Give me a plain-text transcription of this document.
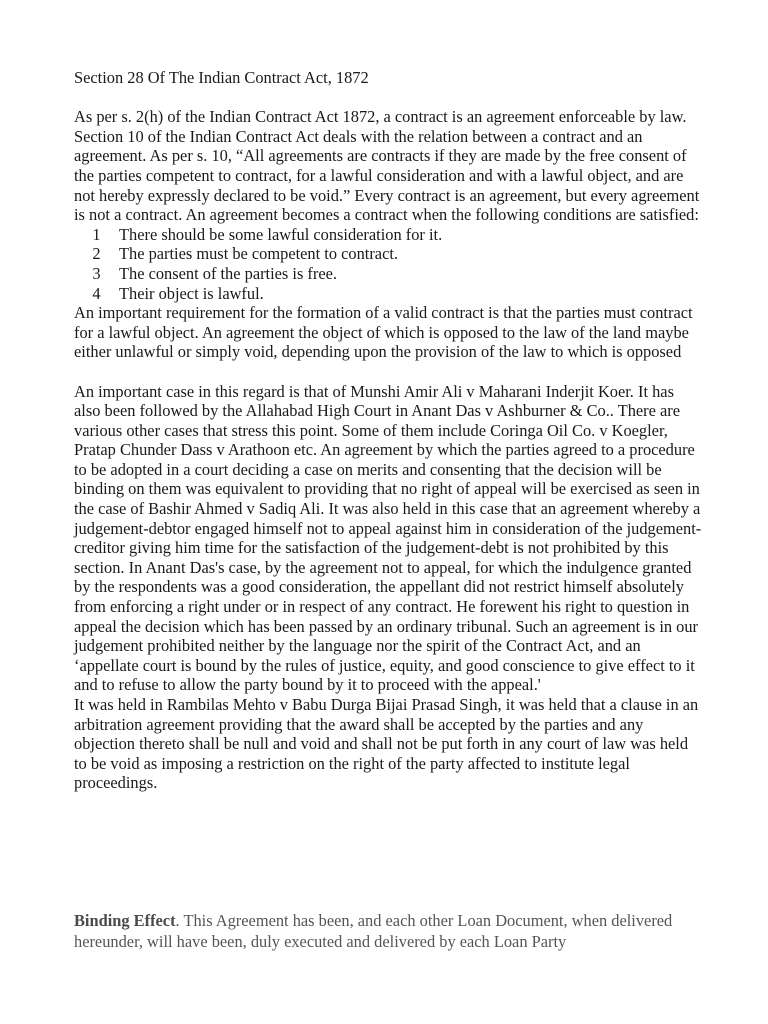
Section 28 Of The Indian Contract Act, 1872

As per s. 2(h) of the Indian Contract Act 1872, a contract is an agreement enforceable by law. Section 10 of the Indian Contract Act deals with the relation between a contract and an agreement. As per s. 10, “All agreements are contracts if they are made by the free consent of the parties competent to contract, for a lawful consideration and with a lawful object, and are not hereby expressly declared to be void.” Every contract is an agreement, but every agreement is not a contract. An agreement becomes a contract when the following conditions are satisfied:

1	There should be some lawful consideration for it.
2	The parties must be competent to contract.
3	The consent of the parties is free.
4	Their object is lawful.

An important requirement for the formation of a valid contract is that the parties must contract for a lawful object. An agreement the object of which is opposed to the law of the land maybe either unlawful or simply void, depending upon the provision of the law to which is opposed

An important case in this regard is that of Munshi Amir Ali v Maharani Inderjit Koer. It has also been followed by the Allahabad High Court in Anant Das v Ashburner & Co.. There are various other cases that stress this point. Some of them include Coringa Oil Co. v Koegler, Pratap Chunder Dass v Arathoon etc. An agreement by which the parties agreed to a procedure to be adopted in a court deciding a case on merits and consenting that the decision will be binding on them was equivalent to providing that no right of appeal will be exercised as seen in the case of Bashir Ahmed v Sadiq Ali. It was also held in this case that an agreement whereby a judgement-debtor engaged himself not to appeal against him in consideration of the judgement-creditor giving him time for the satisfaction of the judgement-debt is not prohibited by this section. In Anant Das's case, by the agreement not to appeal, for which the indulgence granted by the respondents was a good consideration, the appellant did not restrict himself absolutely from enforcing a right under or in respect of any contract. He forewent his right to question in appeal the decision which has been passed by an ordinary tribunal. Such an agreement is in our judgement prohibited neither by the language nor the spirit of the Contract Act, and an ‘appellate court is bound by the rules of justice, equity, and good conscience to give effect to it and to refuse to allow the party bound by it to proceed with the appeal.'

It was held in Rambilas Mehto v Babu Durga Bijai Prasad Singh, it was held that a clause in an arbitration agreement providing that the award shall be accepted by the parties and any objection thereto shall be null and void and shall not be put forth in any court of law was held to be void as imposing a restriction on the right of the party affected to institute legal proceedings.

Binding Effect. This Agreement has been, and each other Loan Document, when delivered hereunder, will have been, duly executed and delivered by each Loan Party
